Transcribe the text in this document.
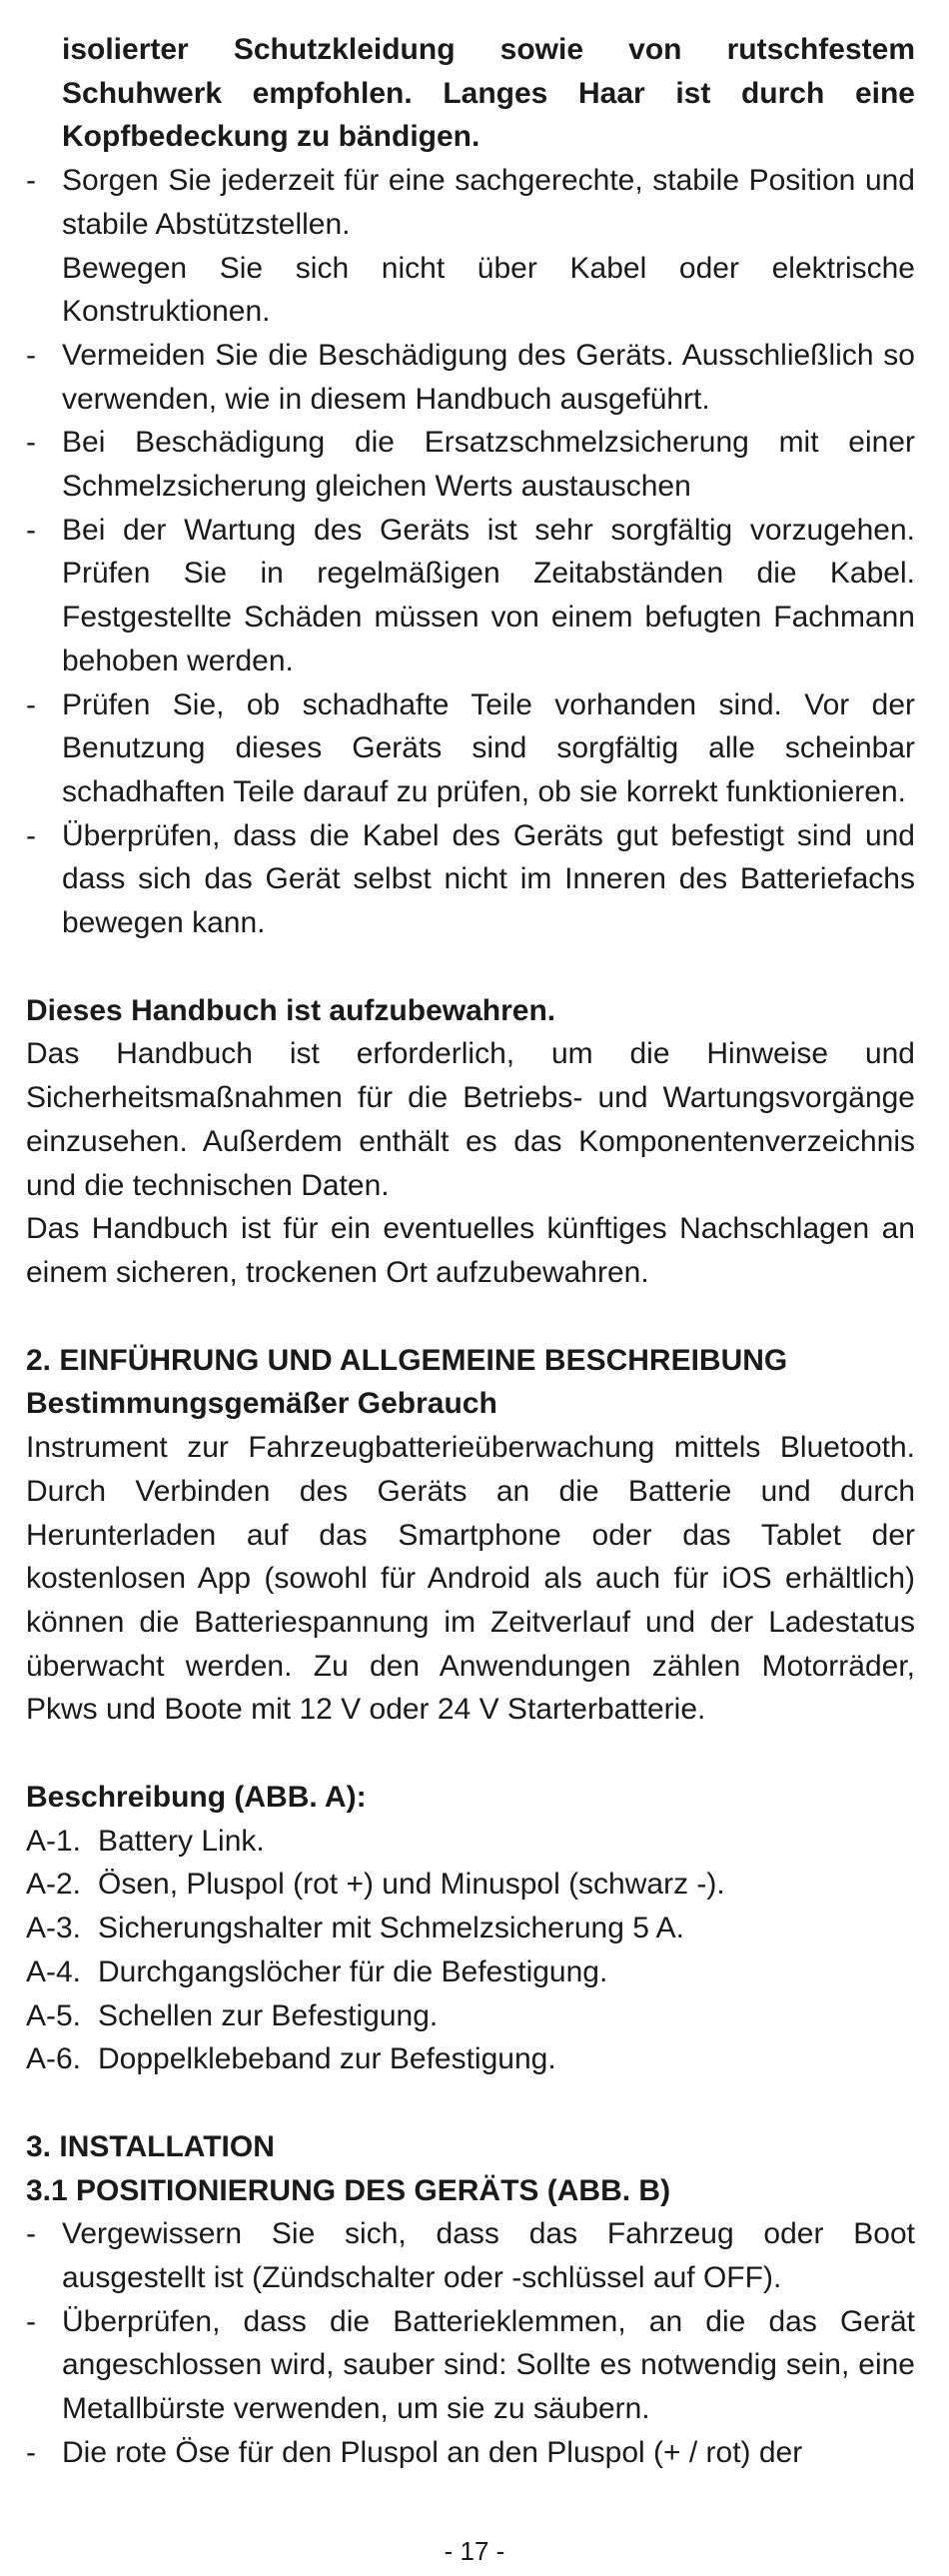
isolierter Schutzkleidung sowie von rutschfestem Schuhwerk empfohlen. Langes Haar ist durch eine Kopfbedeckung zu bändigen.

- Sorgen Sie jederzeit für eine sachgerechte, stabile Position und stabile Abstützstellen.

Bewegen Sie sich nicht über Kabel oder elektrische Konstruktionen.

- Vermeiden Sie die Beschädigung des Geräts. Ausschließlich so verwenden, wie in diesem Handbuch ausgeführt.
- Bei Beschädigung die Ersatzschmelzsicherung mit einer Schmelzsicherung gleichen Werts austauschen
- Bei der Wartung des Geräts ist sehr sorgfältig vorzugehen. Prüfen Sie in regelmäßigen Zeitabständen die Kabel. Festgestellte Schäden müssen von einem befugten Fachmann behoben werden.
- Prüfen Sie, ob schadhafte Teile vorhanden sind. Vor der Benutzung dieses Geräts sind sorgfältig alle scheinbar schadhaften Teile darauf zu prüfen, ob sie korrekt funktionieren.
- Überprüfen, dass die Kabel des Geräts gut befestigt sind und dass sich das Gerät selbst nicht im Inneren des Batteriefachs bewegen kann.

Dieses Handbuch ist aufzubewahren.

Das Handbuch ist erforderlich, um die Hinweise und Sicherheitsmaßnahmen für die Betriebs- und Wartungsvorgänge einzusehen. Außerdem enthält es das Komponentenverzeichnis und die technischen Daten.

Das Handbuch ist für ein eventuelles künftiges Nachschlagen an einem sicheren, trockenen Ort aufzubewahren.

2. EINFÜHRUNG UND ALLGEMEINE BESCHREIBUNG

Bestimmungsgemäßer Gebrauch

Instrument zur Fahrzeugbatterieüberwachung mittels Bluetooth. Durch Verbinden des Geräts an die Batterie und durch Herunterladen auf das Smartphone oder das Tablet der kostenlosen App (sowohl für Android als auch für iOS erhältlich) können die Batteriespannung im Zeitverlauf und der Ladestatus überwacht werden. Zu den Anwendungen zählen Motorräder, Pkws und Boote mit 12 V oder 24 V Starterbatterie.

Beschreibung (ABB. A):

A-1. Battery Link.
A-2. Ösen, Pluspol (rot +) und Minuspol (schwarz -).
A-3. Sicherungshalter mit Schmelzsicherung 5 A.
A-4. Durchgangslöcher für die Befestigung.
A-5. Schellen zur Befestigung.
A-6. Doppelklebeband zur Befestigung.

3. INSTALLATION

3.1 POSITIONIERUNG DES GERÄTS (ABB. B)

- Vergewissern Sie sich, dass das Fahrzeug oder Boot ausgestellt ist (Zündschalter oder -schlüssel auf OFF).
- Überprüfen, dass die Batterieklemmen, an die das Gerät angeschlossen wird, sauber sind: Sollte es notwendig sein, eine Metallbürste verwenden, um sie zu säubern.
- Die rote Öse für den Pluspol an den Pluspol (+ / rot) der
- 17 -
